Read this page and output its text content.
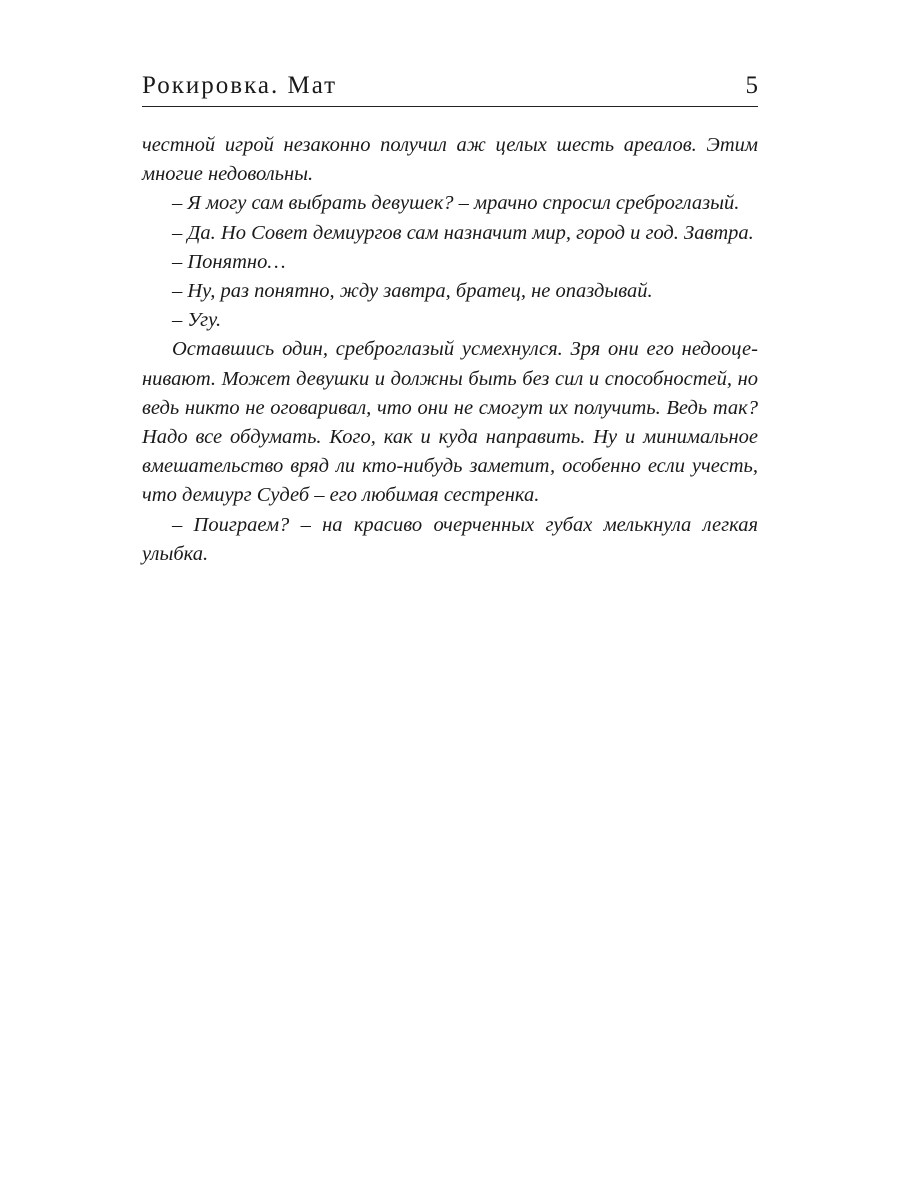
Рокировка. Мат	5

честной игрой незаконно получил аж целых шесть ареалов. Этим многие недовольны.

– Я могу сам выбрать девушек? – мрачно спросил среброглазый.

– Да. Но Совет демиургов сам назначит мир, город и год. Завтра.

– Понятно…

– Ну, раз понятно, жду завтра, братец, не опаздывай.

– Угу.

Оставшись один, среброглазый усмехнулся. Зря они его недооценивают. Может девушки и должны быть без сил и способностей, но ведь никто не оговаривал, что они не смогут их получить. Ведь так? Надо все обдумать. Кого, как и куда направить. Ну и минимальное вмешательство вряд ли кто-нибудь заметит, особенно если учесть, что демиург Судеб – его любимая сестренка.

– Поиграем? – на красиво очерченных губах мелькнула легкая улыбка.
